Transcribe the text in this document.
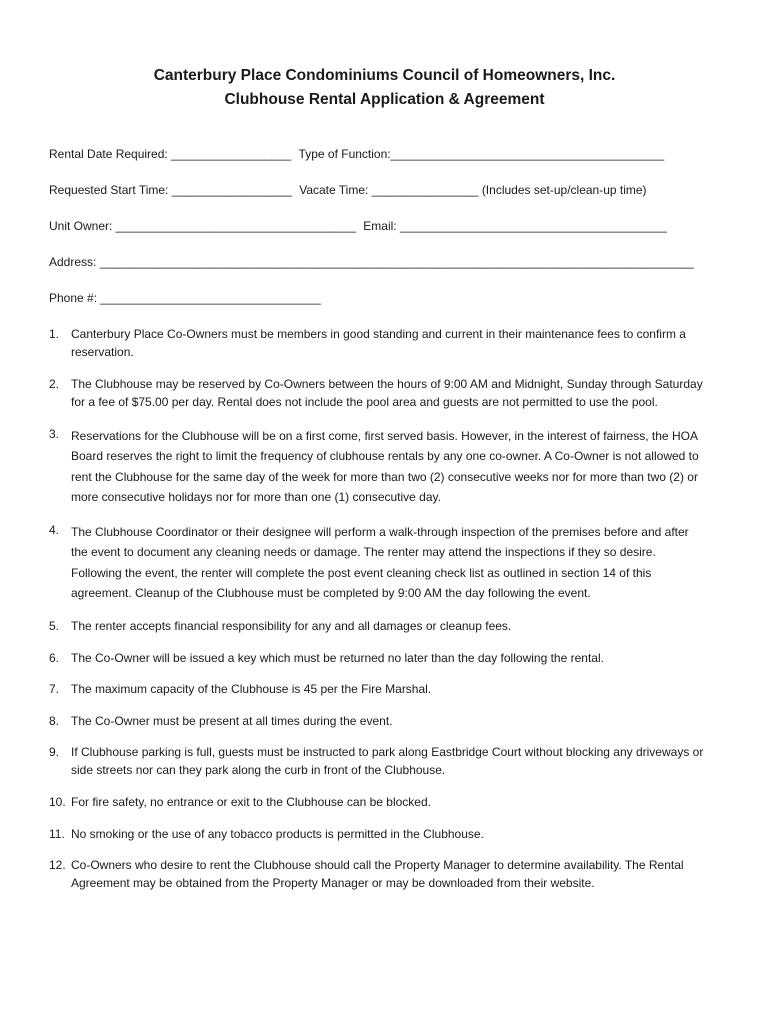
Canterbury Place Condominiums Council of Homeowners, Inc.

Clubhouse Rental Application & Agreement

Rental Date Required: __________________ Type of Function:_________________________________________
Requested Start Time: __________________ Vacate Time: ________________ (Includes set-up/clean-up time)
Unit Owner: ____________________________________ Email: ________________________________________
Address: _________________________________________________________________________________________
Phone #: _________________________________
1. Canterbury Place Co-Owners must be members in good standing and current in their maintenance fees to confirm a reservation.
2. The Clubhouse may be reserved by Co-Owners between the hours of 9:00 AM and Midnight, Sunday through Saturday for a fee of $75.00 per day. Rental does not include the pool area and guests are not permitted to use the pool.
3. Reservations for the Clubhouse will be on a first come, first served basis. However, in the interest of fairness, the HOA Board reserves the right to limit the frequency of clubhouse rentals by any one co-owner. A Co-Owner is not allowed to rent the Clubhouse for the same day of the week for more than two (2) consecutive weeks nor for more than two (2) or more consecutive holidays nor for more than one (1) consecutive day.
4. The Clubhouse Coordinator or their designee will perform a walk-through inspection of the premises before and after the event to document any cleaning needs or damage. The renter may attend the inspections if they so desire. Following the event, the renter will complete the post event cleaning check list as outlined in section 14 of this agreement. Cleanup of the Clubhouse must be completed by 9:00 AM the day following the event.
5. The renter accepts financial responsibility for any and all damages or cleanup fees.
6. The Co-Owner will be issued a key which must be returned no later than the day following the rental.
7. The maximum capacity of the Clubhouse is 45 per the Fire Marshal.
8. The Co-Owner must be present at all times during the event.
9. If Clubhouse parking is full, guests must be instructed to park along Eastbridge Court without blocking any driveways or side streets nor can they park along the curb in front of the Clubhouse.
10. For fire safety, no entrance or exit to the Clubhouse can be blocked.
11. No smoking or the use of any tobacco products is permitted in the Clubhouse.
12. Co-Owners who desire to rent the Clubhouse should call the Property Manager to determine availability. The Rental Agreement may be obtained from the Property Manager or may be downloaded from their website.
